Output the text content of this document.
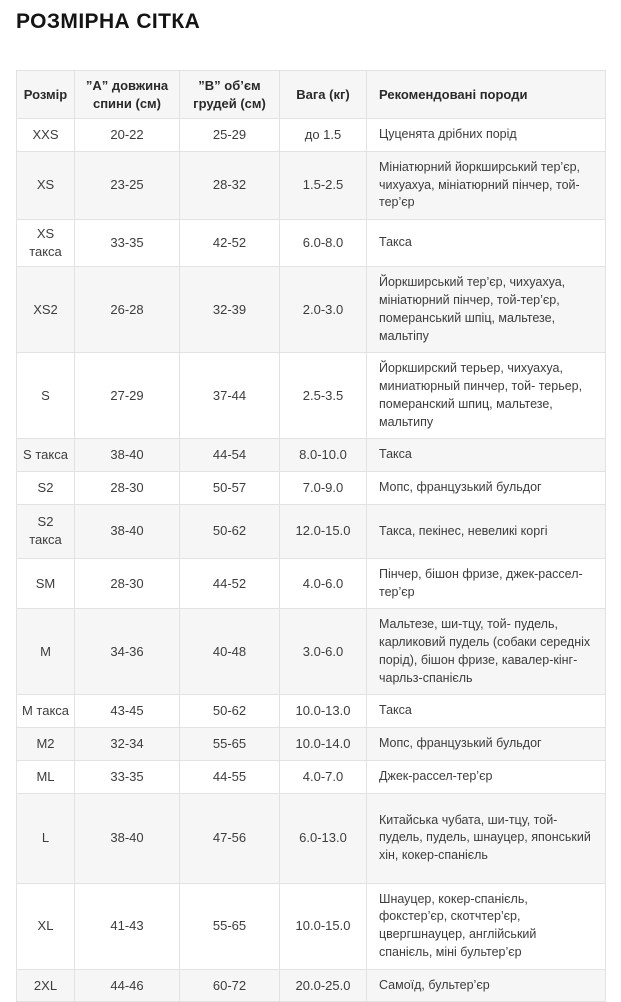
РОЗМІРНА СІТКА
Розмір	”А” довжина спини (см)	”В” об’єм грудей (см)	Вага (кг)	Рекомендовані породи
XXS	20-22	25-29	до 1.5	Цуценята дрібних порід
XS	23-25	28-32	1.5-2.5	Мініатюрний йоркширський тер’єр, чихуахуа, мініатюрний пінчер, той-тер’єр
XS такса	33-35	42-52	6.0-8.0	Такса
XS2	26-28	32-39	2.0-3.0	Йоркширський тер’єр, чихуахуа, мініатюрний пінчер, той-тер’єр, померанський шпіц, мальтезе, мальтіпу
S	27-29	37-44	2.5-3.5	Йоркширский терьер, чихуахуа, миниатюрный пинчер, той- терьер, померанский шпиц, мальтезе, мальтипу
S такса	38-40	44-54	8.0-10.0	Такса
S2	28-30	50-57	7.0-9.0	Мопс, французький бульдог
S2 такса	38-40	50-62	12.0-15.0	Такса, пекінес, невеликі коргі
SM	28-30	44-52	4.0-6.0	Пінчер, бішон фризе, джек-рассел-тер’єр
M	34-36	40-48	3.0-6.0	Мальтезе, ши-тцу, той- пудель, карликовий пудель (собаки середніх порід), бішон фризе, кавалер-кінг-чарльз-спанієль
М такса	43-45	50-62	10.0-13.0	Такса
M2	32-34	55-65	10.0-14.0	Мопс, французький бульдог
ML	33-35	44-55	4.0-7.0	Джек-рассел-тер’єр
L	38-40	47-56	6.0-13.0	Китайська чубата, ши-тцу, той- пудель, пудель, шнауцер, японський хін, кокер-спанієль
XL	41-43	55-65	10.0-15.0	Шнауцер, кокер-спанієль, фокстер’єр, скотчтер’єр, цвергшнауцер, англійський спанієль, міні бультер’єр
2XL	44-46	60-72	20.0-25.0	Самоїд, бультер’єр
